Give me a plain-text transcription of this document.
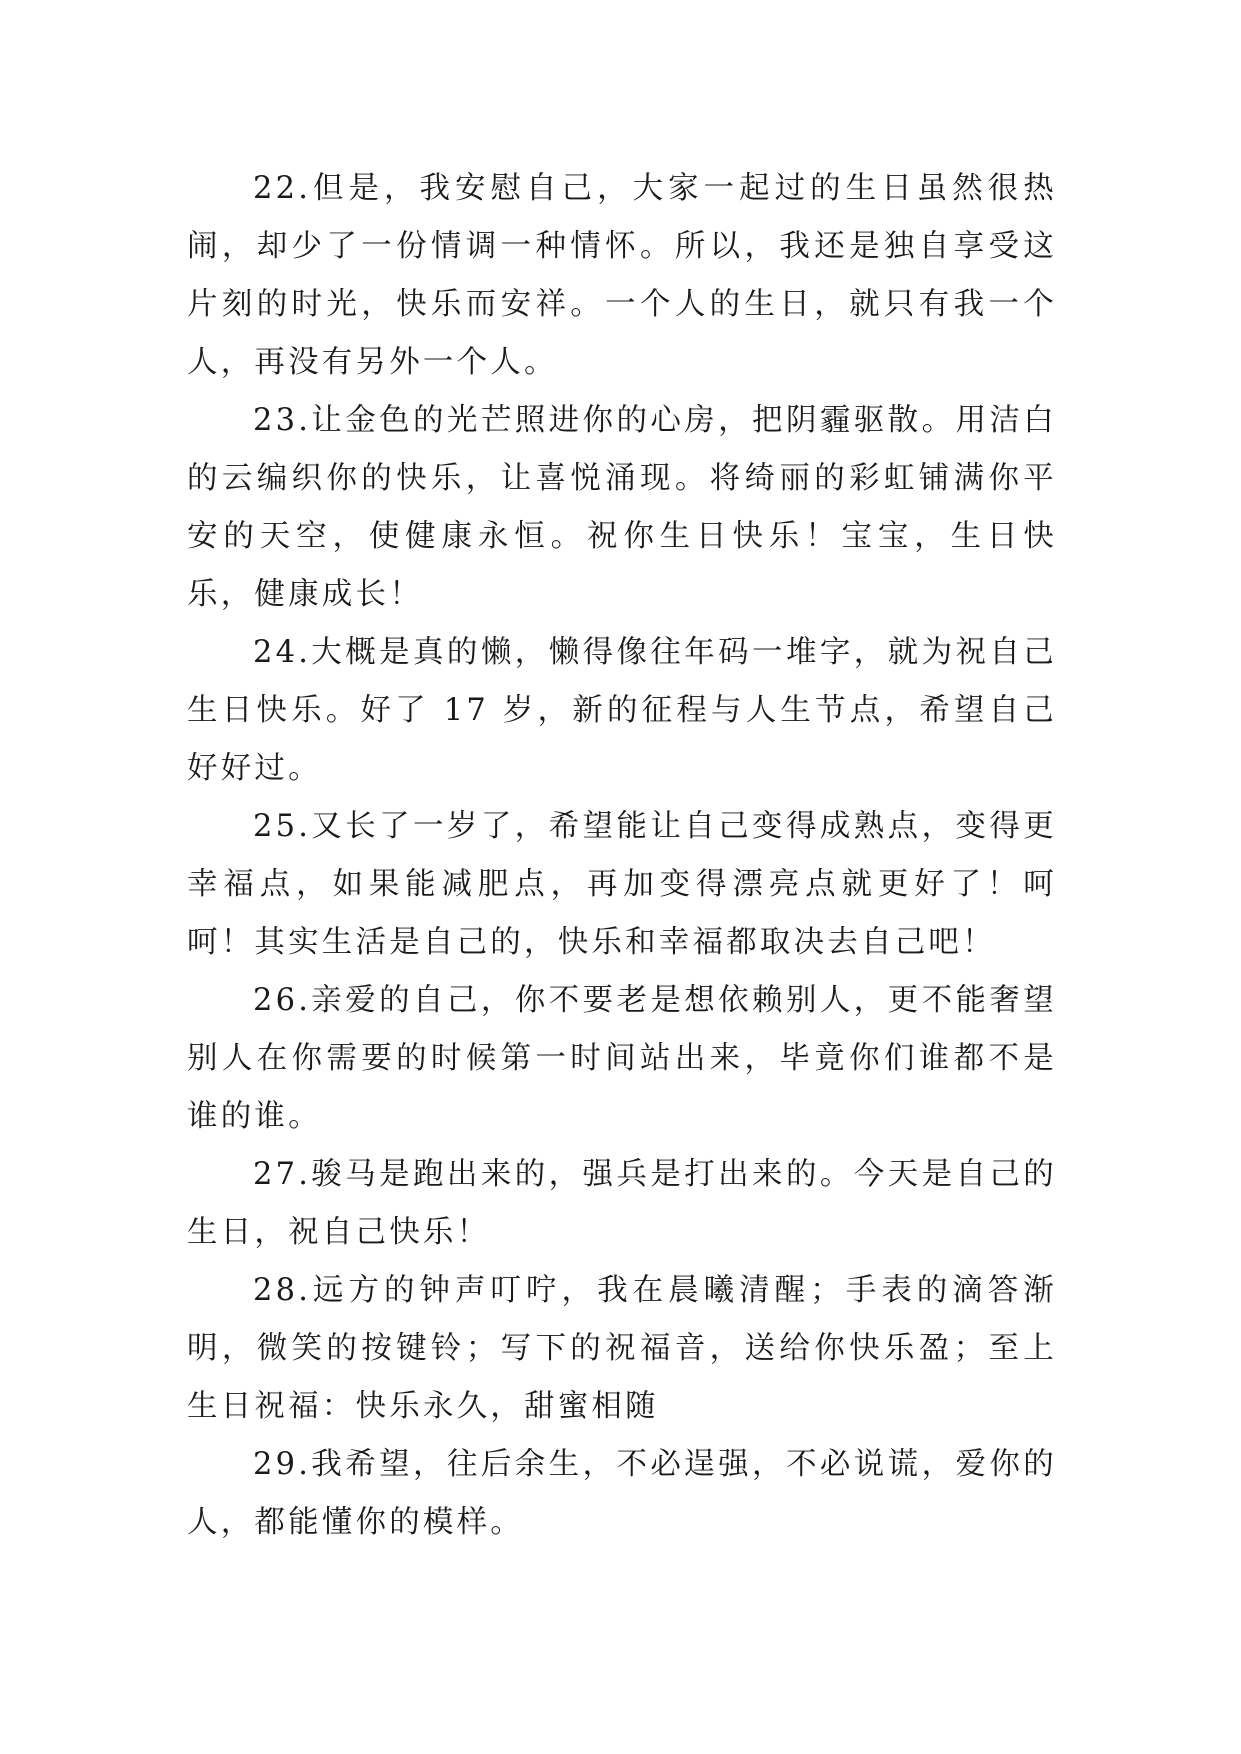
22.但是，我安慰自己，大家一起过的生日虽然很热闹，却少了一份情调一种情怀。所以，我还是独自享受这片刻的时光，快乐而安祥。一个人的生日，就只有我一个人，再没有另外一个人。

23.让金色的光芒照进你的心房，把阴霾驱散。用洁白的云编织你的快乐，让喜悦涌现。将绮丽的彩虹铺满你平安的天空，使健康永恒。祝你生日快乐！宝宝，生日快乐，健康成长！

24.大概是真的懒，懒得像往年码一堆字，就为祝自己生日快乐。好了 17 岁，新的征程与人生节点，希望自己好好过。

25.又长了一岁了，希望能让自己变得成熟点，变得更幸福点，如果能减肥点，再加变得漂亮点就更好了！呵呵！其实生活是自己的，快乐和幸福都取决去自己吧！

26.亲爱的自己，你不要老是想依赖别人，更不能奢望别人在你需要的时候第一时间站出来，毕竟你们谁都不是谁的谁。

27.骏马是跑出来的，强兵是打出来的。今天是自己的生日，祝自己快乐！

28.远方的钟声叮咛，我在晨曦清醒；手表的滴答渐明，微笑的按键铃；写下的祝福音，送给你快乐盈；至上生日祝福：快乐永久，甜蜜相随

29.我希望，往后余生，不必逞强，不必说谎，爱你的人，都能懂你的模样。
